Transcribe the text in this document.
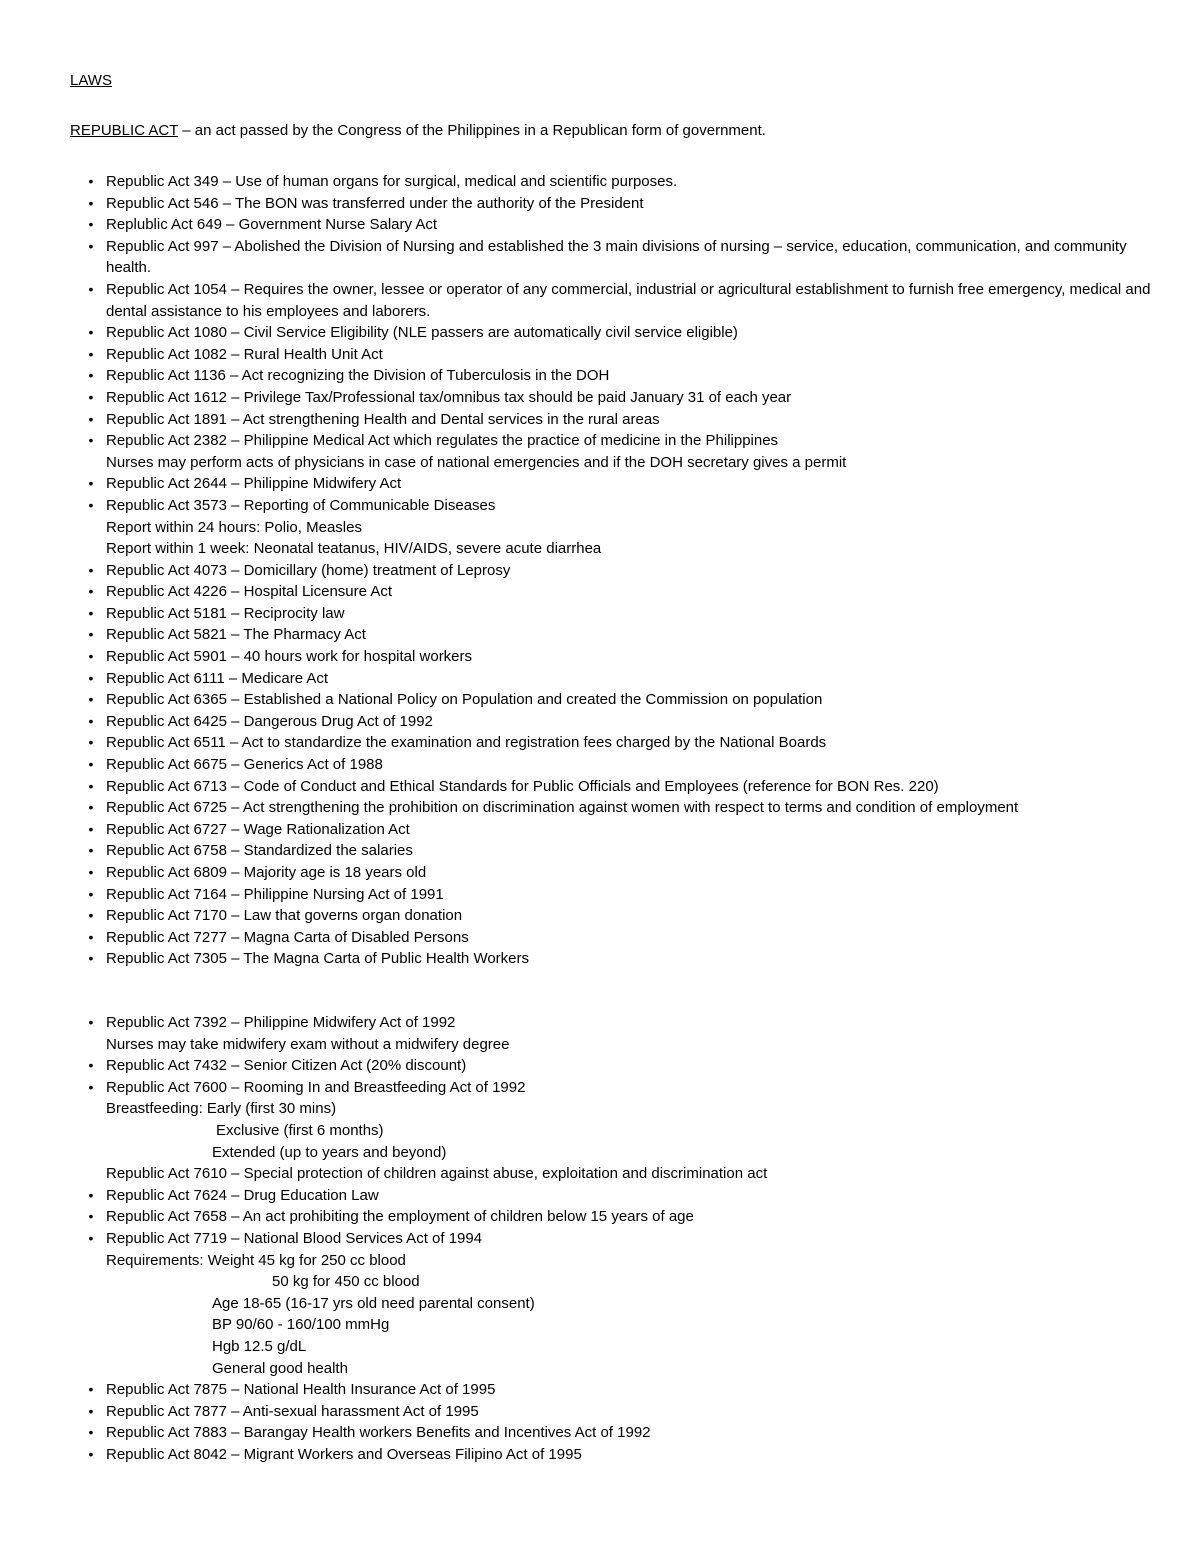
LAWS
REPUBLIC ACT – an act passed by the Congress of the Philippines in a Republican form of government.
• Republic Act 349 – Use of human organs for surgical, medical and scientific purposes.
• Republic Act 546 – The BON was transferred under the authority of the President
• Replublic Act 649 – Government Nurse Salary Act
• Republic Act 997 – Abolished the Division of Nursing and established the 3 main divisions of nursing – service, education, communication, and community health.
• Republic Act 1054 – Requires the owner, lessee or operator of any commercial, industrial or agricultural establishment to furnish free emergency, medical and dental assistance to his employees and laborers.
• Republic Act 1080 – Civil Service Eligibility (NLE passers are automatically civil service eligible)
• Republic Act 1082 – Rural Health Unit Act
• Republic Act 1136 – Act recognizing the Division of Tuberculosis in the DOH
• Republic Act 1612 – Privilege Tax/Professional tax/omnibus tax should be paid January 31 of each year
• Republic Act 1891 – Act strengthening Health and Dental services in the rural areas
• Republic Act 2382 – Philippine Medical Act which regulates the practice of medicine in the Philippines
Nurses may perform acts of physicians in case of national emergencies and if the DOH secretary gives a permit
• Republic Act 2644 – Philippine Midwifery Act
• Republic Act 3573 – Reporting of Communicable Diseases
Report within 24 hours: Polio, Measles
Report within 1 week: Neonatal teatanus, HIV/AIDS, severe acute diarrhea
• Republic Act 4073 – Domicillary (home) treatment of Leprosy
• Republic Act 4226 – Hospital Licensure Act
• Republic Act 5181 – Reciprocity law
• Republic Act 5821 – The Pharmacy Act
• Republic Act 5901 – 40 hours work for hospital workers
• Republic Act 6111 – Medicare Act
• Republic Act 6365 – Established a National Policy on Population and created the Commission on population
• Republic Act 6425 – Dangerous Drug Act of 1992
• Republic Act 6511 – Act to standardize the examination and registration fees charged by the National Boards
• Republic Act 6675 – Generics Act of 1988
• Republic Act 6713 – Code of Conduct and Ethical Standards for Public Officials and Employees (reference for BON Res. 220)
• Republic Act 6725 – Act strengthening the prohibition on discrimination against women with respect to terms and condition of employment
• Republic Act 6727 – Wage Rationalization Act
• Republic Act 6758 – Standardized the salaries
• Republic Act 6809 – Majority age is 18 years old
• Republic Act 7164 – Philippine Nursing Act of 1991
• Republic Act 7170 – Law that governs organ donation
• Republic Act 7277 – Magna Carta of Disabled Persons
• Republic Act 7305 – The Magna Carta of Public Health Workers
• Republic Act 7392 – Philippine Midwifery Act of 1992
Nurses may take midwifery exam without a midwifery degree
• Republic Act 7432 – Senior Citizen Act (20% discount)
• Republic Act 7600 – Rooming In and Breastfeeding Act of 1992
Breastfeeding: Early (first 30 mins)
Exclusive (first 6 months)
Extended (up to years and beyond)
Republic Act 7610 – Special protection of children against abuse, exploitation and discrimination act
• Republic Act 7624 – Drug Education Law
• Republic Act 7658 – An act prohibiting the employment of children below 15 years of age
• Republic Act 7719 – National Blood Services Act of 1994
Requirements: Weight 45 kg for 250 cc blood
50 kg for 450 cc blood
Age 18-65 (16-17 yrs old need parental consent)
BP 90/60 - 160/100 mmHg
Hgb 12.5 g/dL
General good health
• Republic Act 7875 – National Health Insurance Act of 1995
• Republic Act 7877 – Anti-sexual harassment Act of 1995
• Republic Act 7883 – Barangay Health workers Benefits and Incentives Act of 1992
• Republic Act 8042 – Migrant Workers and Overseas Filipino Act of 1995
